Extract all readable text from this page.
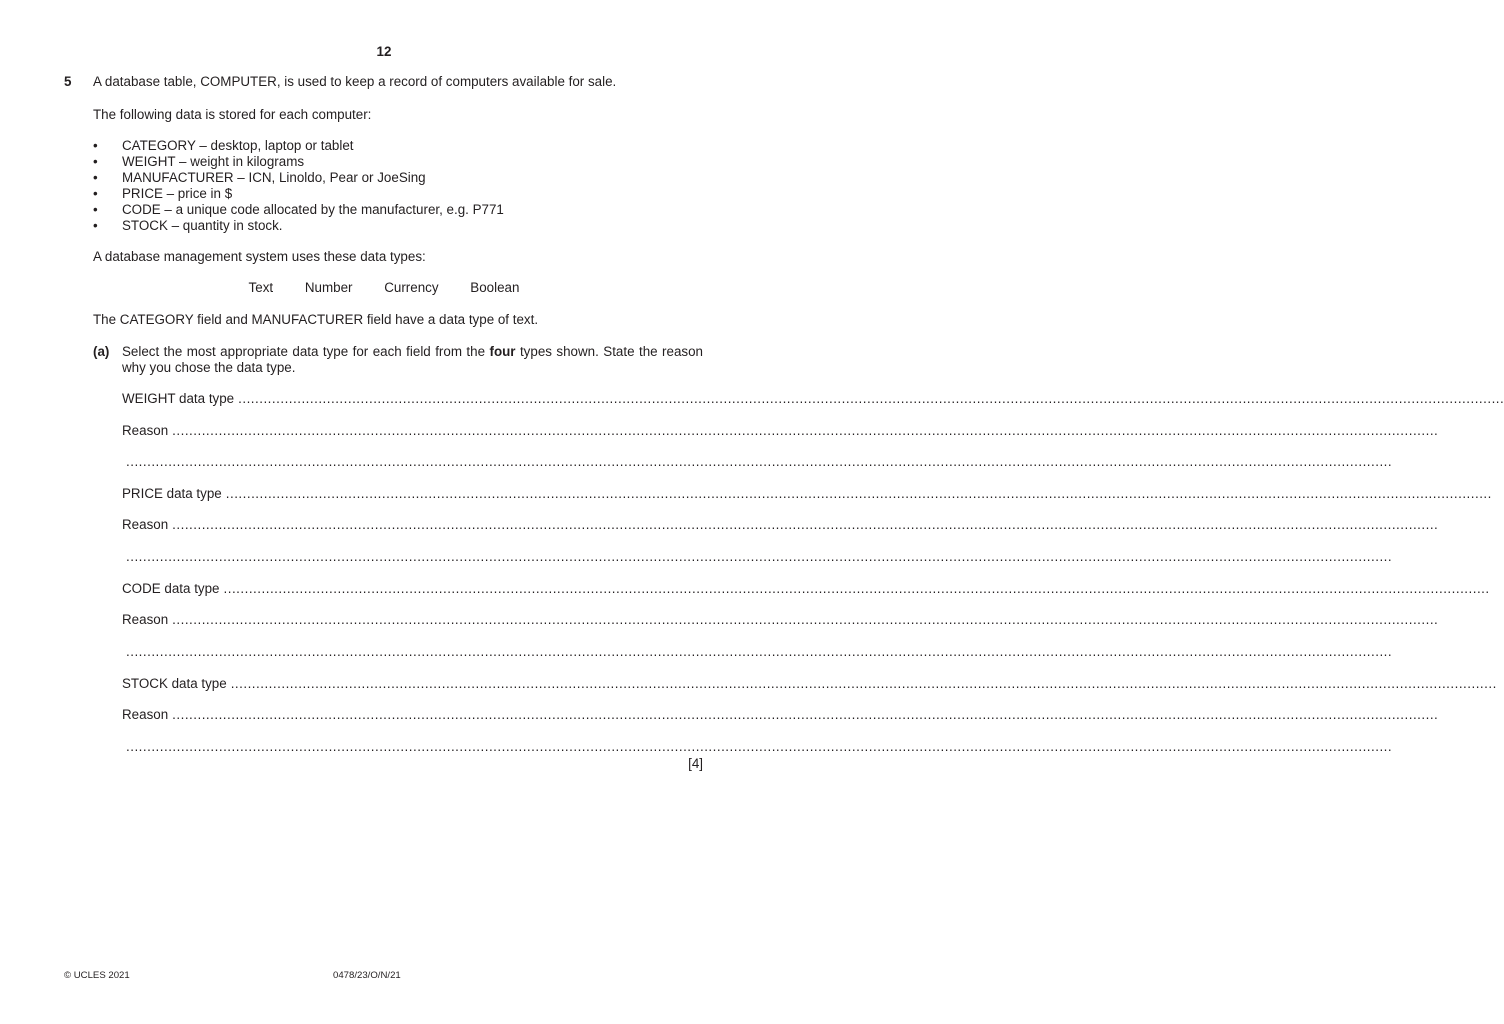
12
5 A database table, COMPUTER, is used to keep a record of computers available for sale.
The following data is stored for each computer:
• CATEGORY – desktop, laptop or tablet
• WEIGHT – weight in kilograms
• MANUFACTURER – ICN, Linoldo, Pear or JoeSing
• PRICE – price in $
• CODE – a unique code allocated by the manufacturer, e.g. P771
• STOCK – quantity in stock.
A database management system uses these data types:
Text Number Currency Boolean
The CATEGORY field and MANUFACTURER field have a data type of text.
(a) Select the most appropriate data type for each field from the four types shown. State the reason why you chose the data type.
WEIGHT data type ............................................................................................................................................................................................................................................................................................................
Reason ............................................................................................................................................................................................................................................................................................................
............................................................................................................................................................................................................................................................................................................
PRICE data type ............................................................................................................................................................................................................................................................................................................
Reason ............................................................................................................................................................................................................................................................................................................
............................................................................................................................................................................................................................................................................................................
CODE data type ............................................................................................................................................................................................................................................................................................................
Reason ............................................................................................................................................................................................................................................................................................................
............................................................................................................................................................................................................................................................................................................
STOCK data type ............................................................................................................................................................................................................................................................................................................
Reason ............................................................................................................................................................................................................................................................................................................
............................................................................................................................................................................................................................................................................................................
[4]
© UCLES 2021	0478/23/O/N/21
